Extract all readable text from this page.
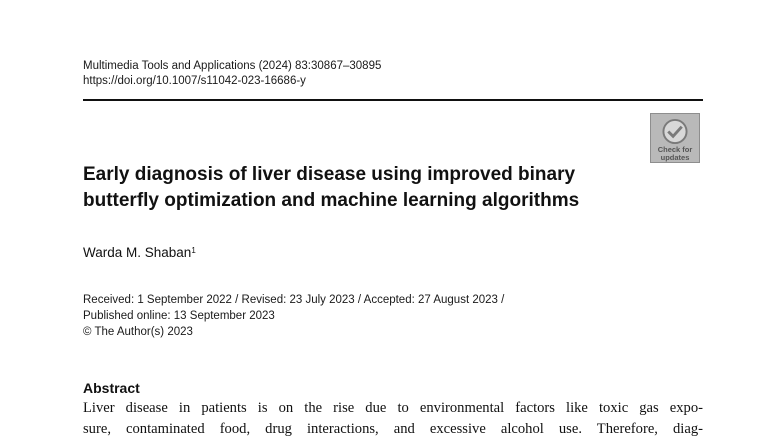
Multimedia Tools and Applications (2024) 83:30867–30895
https://doi.org/10.1007/s11042-023-16686-y
Check for
updates
Early diagnosis of liver disease using improved binary
butterfly optimization and machine learning algorithms
Warda M. Shaban$^1$
Received: 1 September 2022 / Revised: 23 July 2023 / Accepted: 27 August 2023 /
Published online: 13 September 2023
© The Author(s) 2023
Abstract
Liver disease in patients is on the rise due to environmental factors like toxic gas expo-
sure, contaminated food, drug interactions, and excessive alcohol use. Therefore, diag-
